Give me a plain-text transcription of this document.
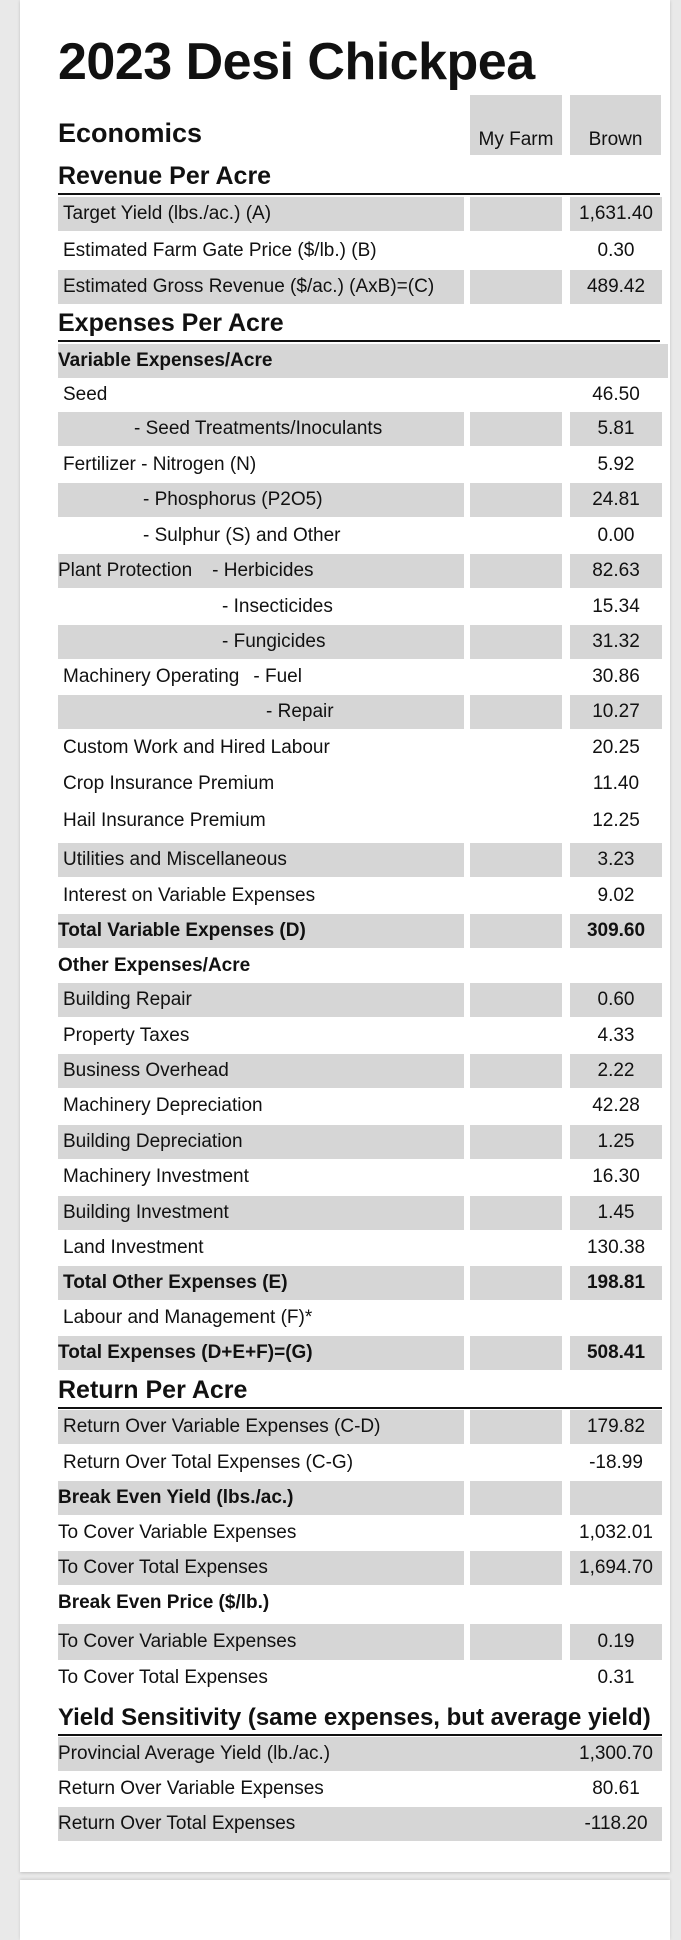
2023 Desi Chickpea
Economics	My Farm	Brown
Revenue Per Acre
Target Yield (lbs./ac.) (A)	1,631.40
Estimated Farm Gate Price ($/lb.) (B)	0.30
Estimated Gross Revenue ($/ac.) (AxB)=(C)	489.42
Expenses Per Acre
Variable Expenses/Acre
Seed	46.50
- Seed Treatments/Inoculants	5.81
Fertilizer - Nitrogen (N)	5.92
- Phosphorus (P2O5)	24.81
- Sulphur (S) and Other	0.00
Plant Protection - Herbicides	82.63
- Insecticides	15.34
- Fungicides	31.32
Machinery Operating - Fuel	30.86
- Repair	10.27
Custom Work and Hired Labour	20.25
Crop Insurance Premium	11.40
Hail Insurance Premium	12.25
Utilities and Miscellaneous	3.23
Interest on Variable Expenses	9.02
Total Variable Expenses (D)	309.60
Other Expenses/Acre
Building Repair	0.60
Property Taxes	4.33
Business Overhead	2.22
Machinery Depreciation	42.28
Building Depreciation	1.25
Machinery Investment	16.30
Building Investment	1.45
Land Investment	130.38
Total Other Expenses (E)	198.81
Labour and Management (F)*
Total Expenses (D+E+F)=(G)	508.41
Return Per Acre
Return Over Variable Expenses (C-D)	179.82
Return Over Total Expenses (C-G)	-18.99
Break Even Yield (lbs./ac.)
To Cover Variable Expenses	1,032.01
To Cover Total Expenses	1,694.70
Break Even Price ($/lb.)
To Cover Variable Expenses	0.19
To Cover Total Expenses	0.31
Yield Sensitivity (same expenses, but average yield)
Provincial Average Yield (lb./ac.)	1,300.70
Return Over Variable Expenses	80.61
Return Over Total Expenses	-118.20
